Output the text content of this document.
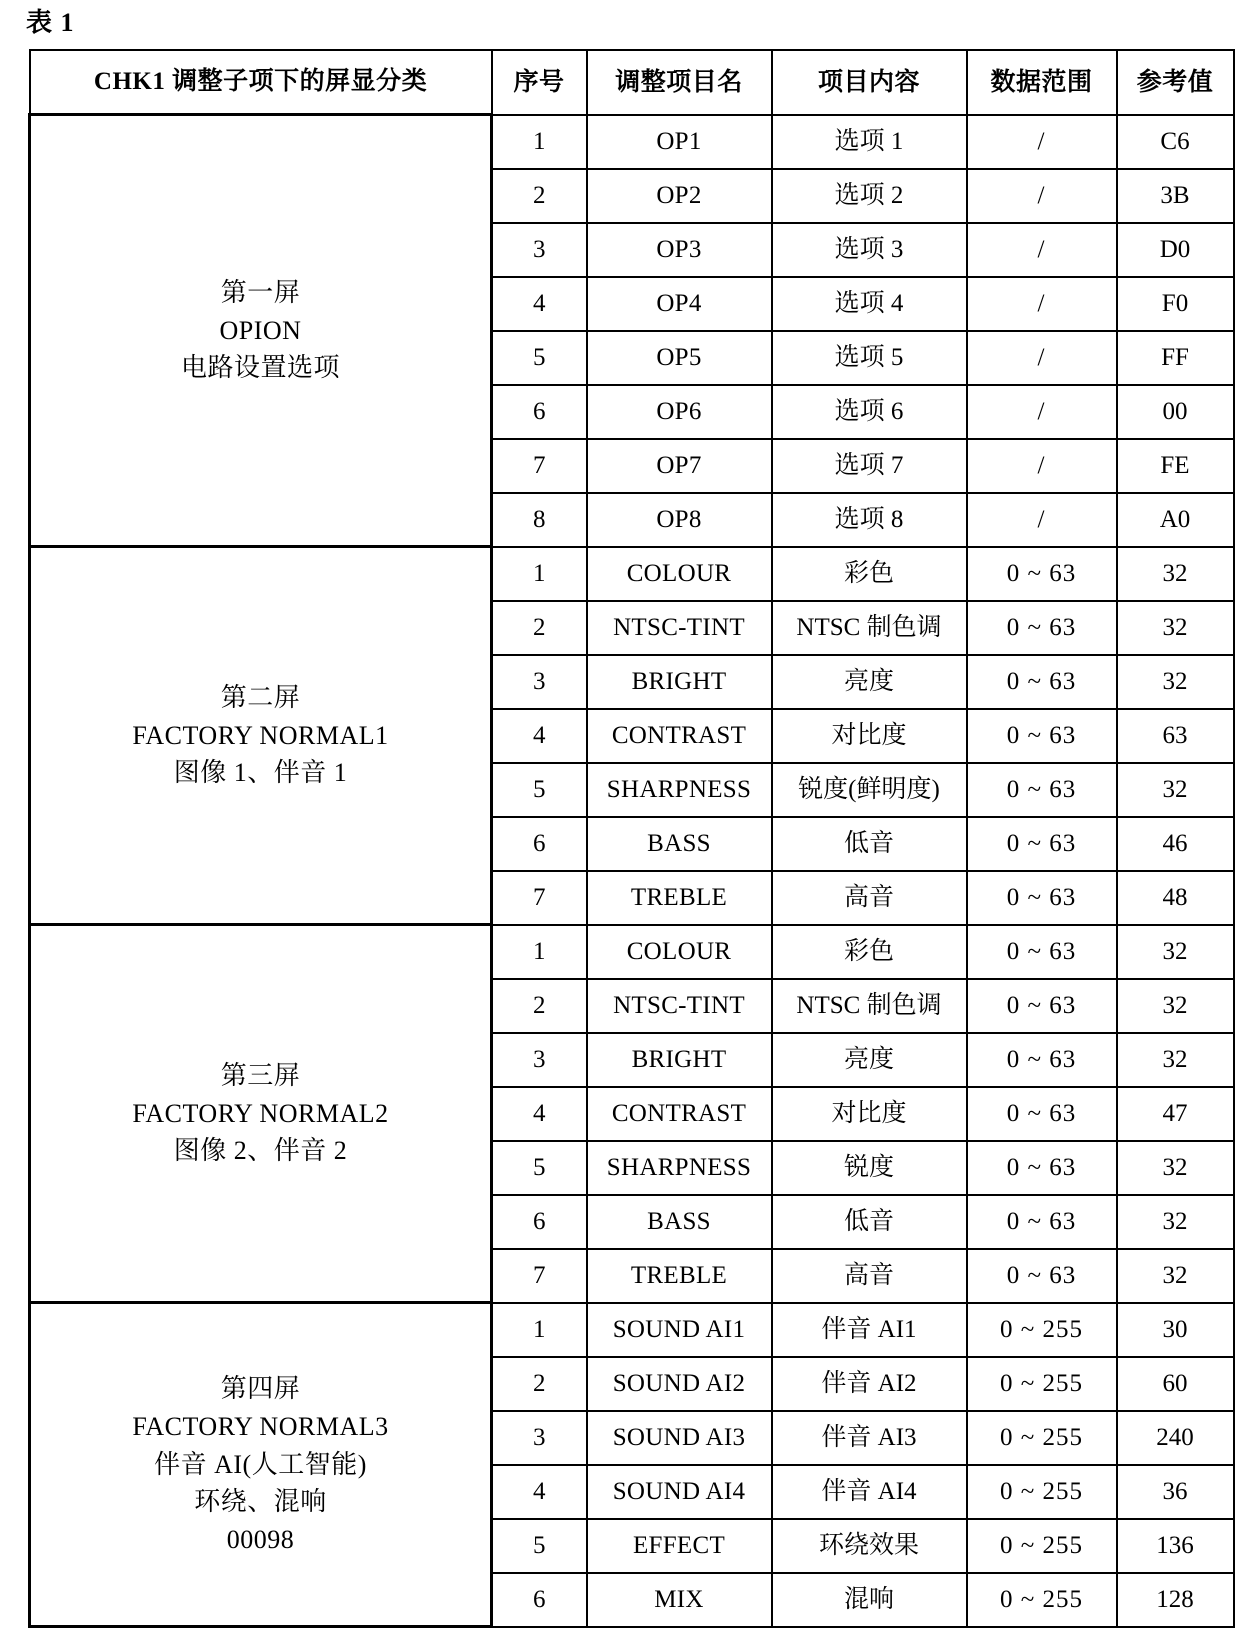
表 1
CHK1 调整子项下的屏显分类	序号	调整项目名	项目内容	数据范围	参考值

第一屏
OPION
电路设置选项	1	OP1	选项 1	/	C6
	2	OP2	选项 2	/	3B
	3	OP3	选项 3	/	D0
	4	OP4	选项 4	/	F0
	5	OP5	选项 5	/	FF
	6	OP6	选项 6	/	00
	7	OP7	选项 7	/	FE
	8	OP8	选项 8	/	A0

第二屏
FACTORY NORMAL1
图像 1、伴音 1	1	COLOUR	彩色	0 ~ 63	32
	2	NTSC-TINT	NTSC 制色调	0 ~ 63	32
	3	BRIGHT	亮度	0 ~ 63	32
	4	CONTRAST	对比度	0 ~ 63	63
	5	SHARPNESS	锐度(鲜明度)	0 ~ 63	32
	6	BASS	低音	0 ~ 63	46
	7	TREBLE	高音	0 ~ 63	48

第三屏
FACTORY NORMAL2
图像 2、伴音 2	1	COLOUR	彩色	0 ~ 63	32
	2	NTSC-TINT	NTSC 制色调	0 ~ 63	32
	3	BRIGHT	亮度	0 ~ 63	32
	4	CONTRAST	对比度	0 ~ 63	47
	5	SHARPNESS	锐度	0 ~ 63	32
	6	BASS	低音	0 ~ 63	32
	7	TREBLE	高音	0 ~ 63	32

第四屏
FACTORY NORMAL3
伴音 AI(人工智能)
环绕、混响
00098	1	SOUND AI1	伴音 AI1	0 ~ 255	30
	2	SOUND AI2	伴音 AI2	0 ~ 255	60
	3	SOUND AI3	伴音 AI3	0 ~ 255	240
	4	SOUND AI4	伴音 AI4	0 ~ 255	36
	5	EFFECT	环绕效果	0 ~ 255	136
	6	MIX	混响	0 ~ 255	128
